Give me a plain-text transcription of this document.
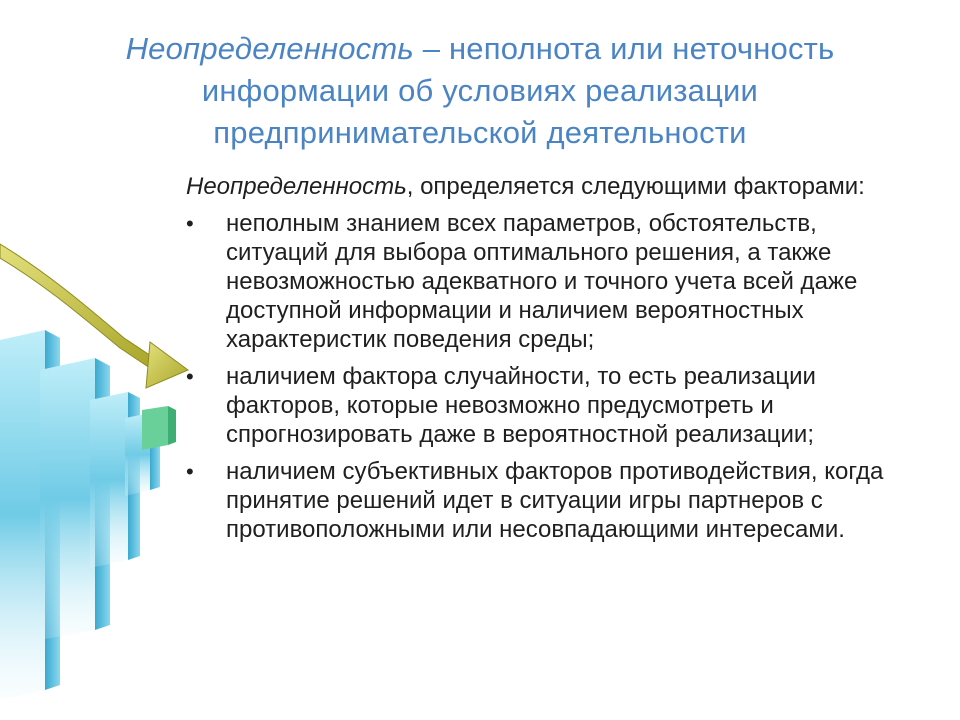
Неопределенность – неполнота или неточность
информации об условиях реализации
предпринимательской деятельности
Неопределенность, определяется следующими факторами:
• неполным знанием всех параметров, обстоятельств, ситуаций для выбора оптимального решения, а также невозможностью адекватного и точного учета всей даже доступной информации и наличием вероятностных характеристик поведения среды;
• наличием фактора случайности, то есть реализации факторов, которые невозможно предусмотреть и спрогнозировать даже в вероятностной реализации;
• наличием субъективных факторов противодействия, когда принятие решений идет в ситуации игры партнеров с противоположными или несовпадающими интересами.
